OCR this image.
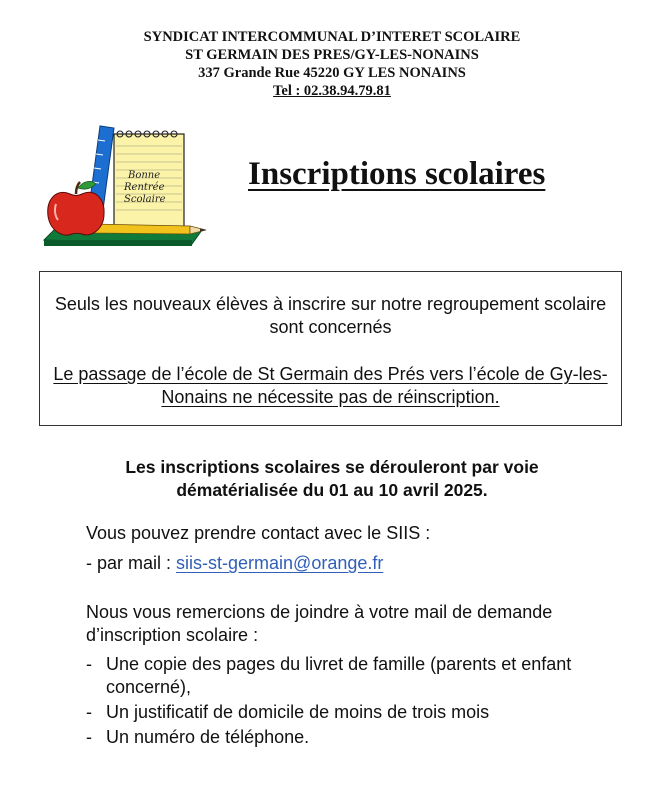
SYNDICAT INTERCOMMUNAL D’INTERET SCOLAIRE
ST GERMAIN DES PRES/GY-LES-NONAINS
337 Grande Rue 45220 GY LES NONAINS
Tel : 02.38.94.79.81
Bonne
Rentrée
Scolaire
Inscriptions scolaires
Seuls les nouveaux élèves à inscrire sur notre regroupement scolaire sont concernés
Le passage de l’école de St Germain des Prés vers l’école de Gy-les-Nonains ne nécessite pas de réinscription.
Les inscriptions scolaires se dérouleront par voie dématérialisée du 01 au 10 avril 2025.
Vous pouvez prendre contact avec le SIIS :
- par mail : siis-st-germain@orange.fr
Nous vous remercions de joindre à votre mail de demande d’inscription scolaire :
- Une copie des pages du livret de famille (parents et enfant concerné),
- Un justificatif de domicile de moins de trois mois
- Un numéro de téléphone.
